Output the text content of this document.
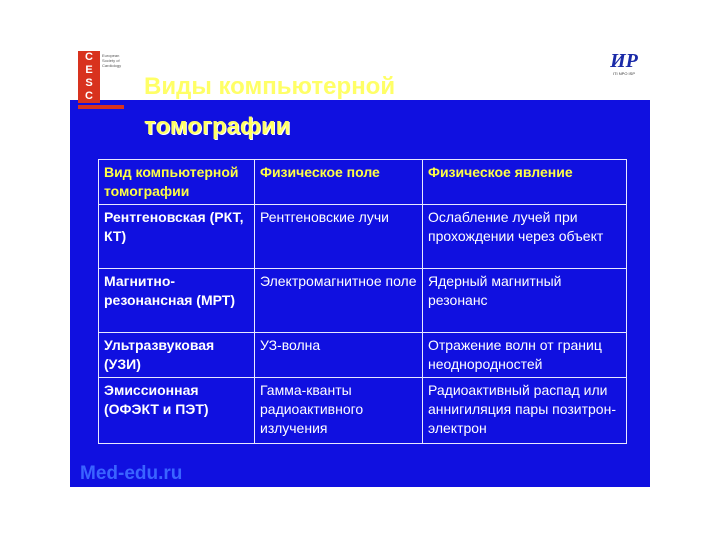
C
E
S
C
European Society of Cardiology	ИР
ITI NPO ISP
Виды компьютерной
томографии
Вид компьютерной томографии	Физическое поле	Физическое явление
Рентгеновская (РКТ, КТ)	Рентгеновские лучи	Ослабление лучей при прохождении через объект
Магнитно-резонансная (МРТ)	Электромагнитное поле	Ядерный магнитный резонанс
Ультразвуковая (УЗИ)	УЗ-волна	Отражение волн от границ неоднородностей
Эмиссионная (ОФЭКТ и ПЭТ)	Гамма-кванты радиоактивного излучения	Радиоактивный распад или аннигиляция пары позитрон-электрон
Med-edu.ru
